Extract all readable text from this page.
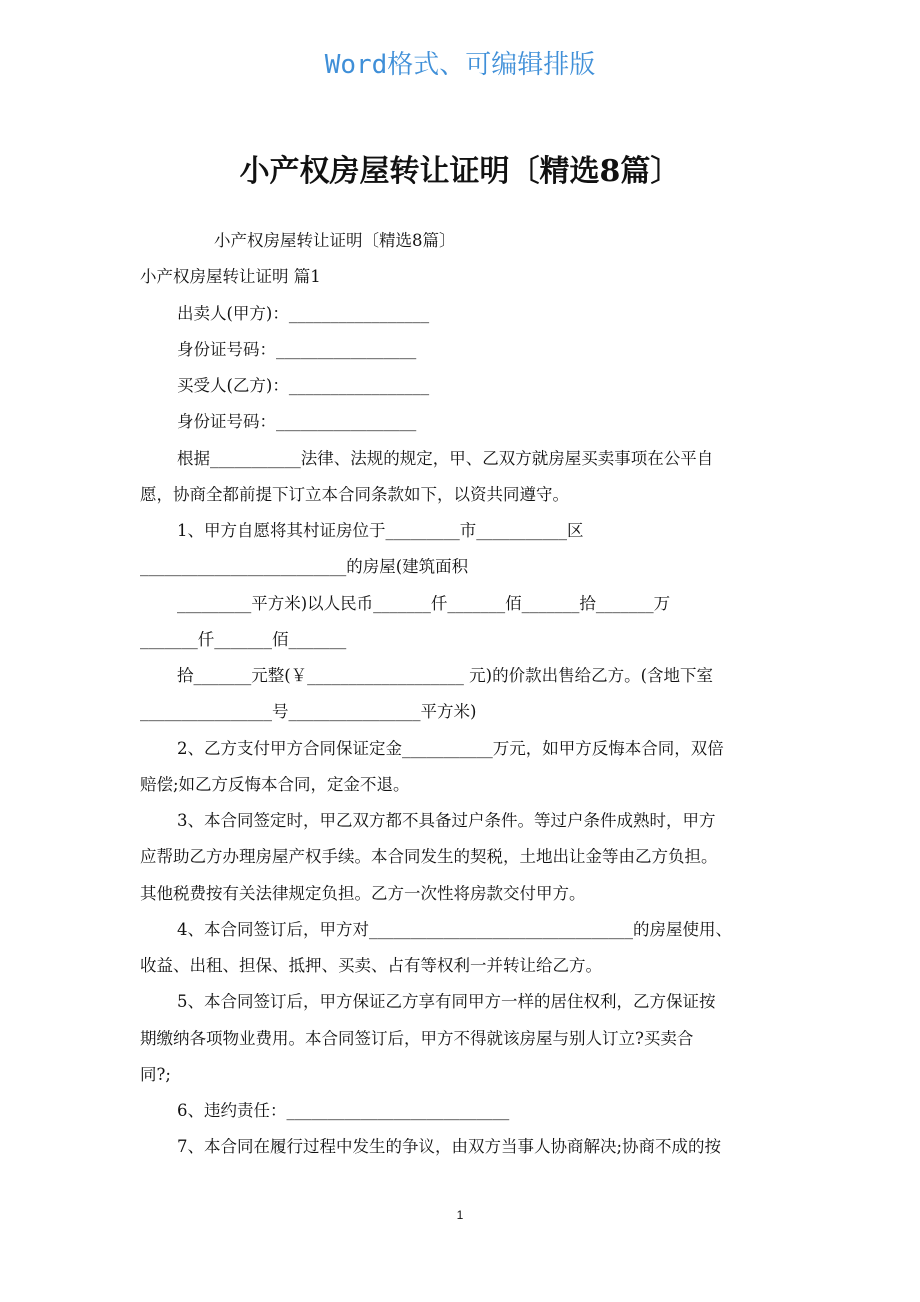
Word格式、可编辑排版
小产权房屋转让证明〔精选8篇〕
小产权房屋转让证明〔精选8篇〕
小产权房屋转让证明 篇1
出卖人(甲方)：_________________
身份证号码：_________________
买受人(乙方)：_________________
身份证号码：_________________
根据___________法律、法规的规定，甲、乙双方就房屋买卖事项在公平自
愿，协商全都前提下订立本合同条款如下，以资共同遵守。
1、甲方自愿将其村证房位于_________市___________区
_________________________的房屋(建筑面积
_________平方米)以人民币_______仟_______佰_______拾_______万
_______仟_______佰_______
拾_______元整(￥___________________ 元)的价款出售给乙方。(含地下室
________________号________________平方米)
2、乙方支付甲方合同保证定金___________万元，如甲方反悔本合同，双倍
赔偿;如乙方反悔本合同，定金不退。
3、本合同签定时，甲乙双方都不具备过户条件。等过户条件成熟时，甲方
应帮助乙方办理房屋产权手续。本合同发生的契税，土地出让金等由乙方负担。
其他税费按有关法律规定负担。乙方一次性将房款交付甲方。
4、本合同签订后，甲方对________________________________的房屋使用、
收益、出租、担保、抵押、买卖、占有等权利一并转让给乙方。
5、本合同签订后，甲方保证乙方享有同甲方一样的居住权利，乙方保证按
期缴纳各项物业费用。本合同签订后，甲方不得就该房屋与别人订立?买卖合
同?;
6、违约责任：___________________________
7、本合同在履行过程中发生的争议，由双方当事人协商解决;协商不成的按
1
